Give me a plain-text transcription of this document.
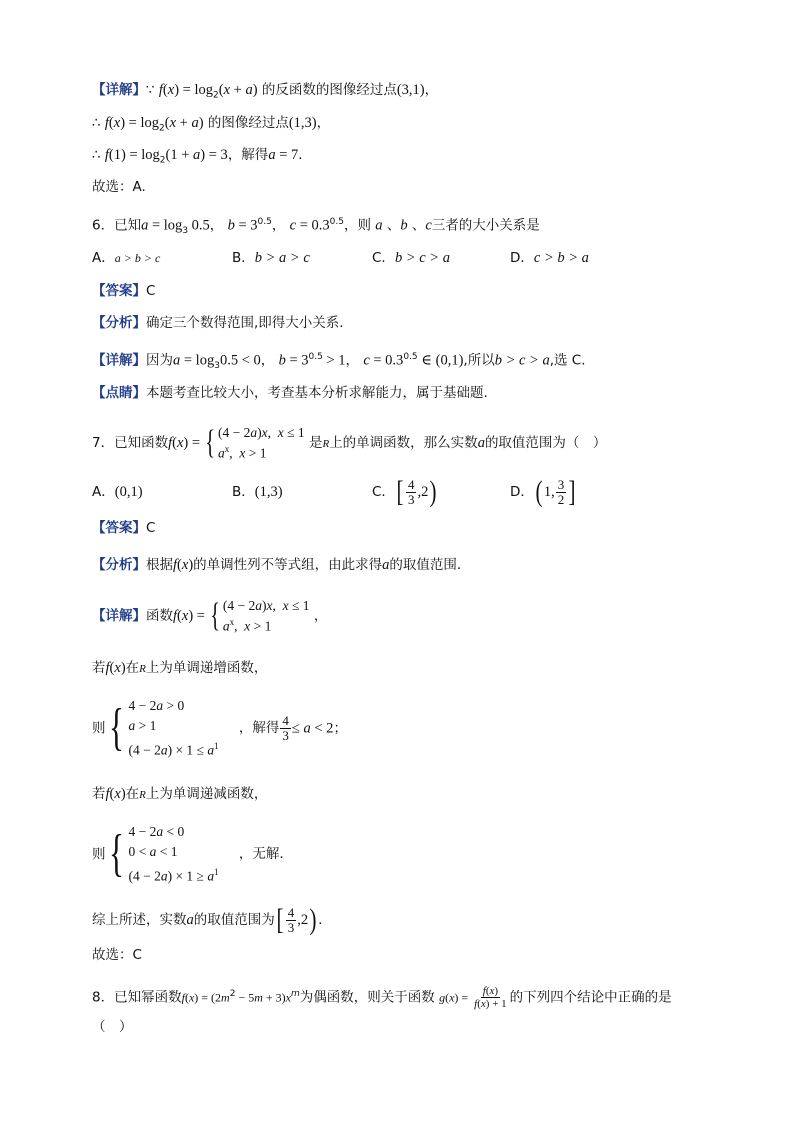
【详解】∵ $f(x) = \log_2(x + a)$ 的反函数的图像经过点(3,1)，
∴ $f(x) = \log_2(x + a)$ 的图像经过点(1,3)，
∴ $f(1) = \log_2(1 + a) = 3$，解得a = 7.
故选：A.
6．已知$a = \log_3 0.5$， $b = 3^{0.5}$， $c = 0.3^{0.5}$，则 a 、b 、c三者的大小关系是
A．a > b > c	B．b > a > c	C．b > c > a	D．c > b > a
【答案】C
【分析】确定三个数得范围,即得大小关系.
【详解】因为$a = \log_30.5 < 0$， $b = 3^{0.5} > 1$， $c = 0.3^{0.5}$ ∈ (0,1),所以b > c > a,选 C.
【点睛】本题考查比较大小，考查基本分析求解能力，属于基础题.
7．已知函数f(x) = { (4 − 2a)x,  x ≤ 1
$a^x$,  x > 1
是R上的单调函数，那么实数a的取值范围为（　）
A．(0,1)	B．(1,3)	C．[ $\frac{4}{3} ,2$)	D．( 1, $\frac{3}{2}$ ]
【答案】C
【分析】根据f(x)的单调性列不等式组，由此求得a的取值范围.
【详解】函数f(x) = { (4 − 2a)x,  x ≤ 1
$a^x$,  x > 1
，
若f(x)在R上为单调递增函数，
则 { 4 − 2a > 0
a > 1
$(4 - 2a) \times 1 \le a^1$
，解得 $\frac{4}{3} \le a < 2$；
若f(x)在R上为单调递减函数，
则 { 4 − 2a < 0
0 < a < 1
$(4 - 2a) \times 1 \ge a^1$
，无解.
综上所述，实数a的取值范围为[ $\frac{4}{3} ,2$) .
故选：C
8．已知幂函数$f(x) = (2m^2 - 5m + 3)x^m$为偶函数，则关于函数 $g(x) = \frac{f(x)}{f(x) + 1}$ 的下列四个结论中正确的是
（　）
